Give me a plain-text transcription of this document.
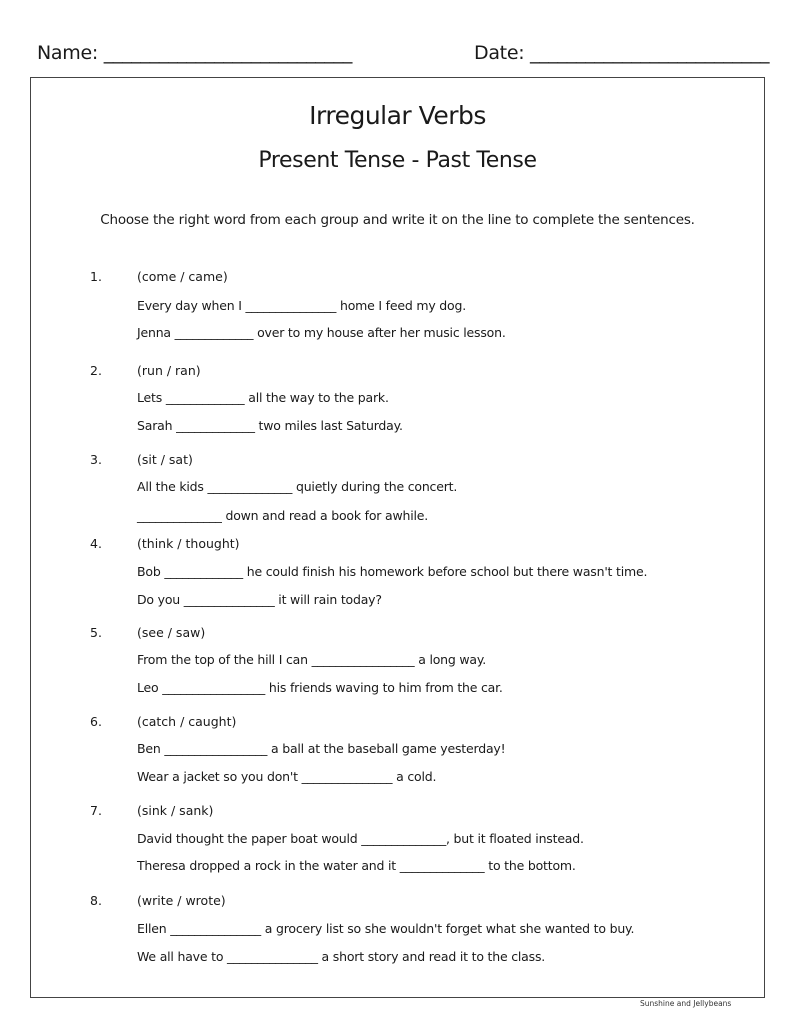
Name: ___________________________	Date: __________________________
Irregular Verbs
Present Tense - Past Tense
Choose the right word from each group and write it on the line to complete the sentences.
1.	(come / came)
Every day when I _______________ home I feed my dog.
Jenna _____________ over to my house after her music lesson.
2.	(run / ran)
Lets _____________ all the way to the park.
Sarah _____________ two miles last Saturday.
3.	(sit / sat)
All the kids ______________ quietly during the concert.
______________ down and read a book for awhile.
4.	(think / thought)
Bob _____________ he could finish his homework before school but there wasn't time.
Do you _______________ it will rain today?
5.	(see / saw)
From the top of the hill I can _________________ a long way.
Leo _________________ his friends waving to him from the car.
6.	(catch / caught)
Ben _________________ a ball at the baseball game yesterday!
Wear a jacket so you don't _______________ a cold.
7.	(sink / sank)
David thought the paper boat would ______________, but it floated instead.
Theresa dropped a rock in the water and it ______________ to the bottom.
8.	(write / wrote)
Ellen _______________ a grocery list so she wouldn't forget what she wanted to buy.
We all have to _______________ a short story and read it to the class.
Sunshine and Jellybeans
